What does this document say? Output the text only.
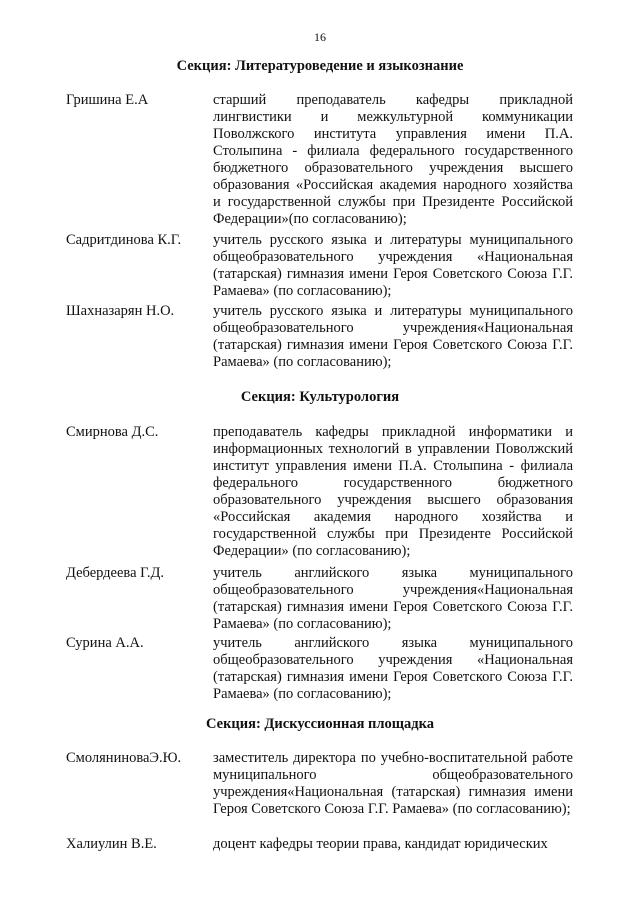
16
Секция: Литературоведение и языкознание
Гришина Е.А	старший преподаватель кафедры прикладной лингвистики и межкультурной коммуникации Поволжского института управления имени П.А. Столыпина - филиала федерального государственного бюджетного образовательного учреждения высшего образования «Российская академия народного хозяйства и государственной службы при Президенте Российской Федерации»(по согласованию);
Садритдинова К.Г. учитель русского языка и литературы муниципального общеобразовательного учреждения «Национальная (татарская) гимназия имени Героя Советского Союза Г.Г. Рамаева» (по согласованию);
Шахназарян Н.О.	учитель русского языка и литературы муниципального общеобразовательного учреждения«Национальная (татарская) гимназия имени Героя Советского Союза Г.Г. Рамаева» (по согласованию);
Секция: Культурология
Смирнова Д.С.	преподаватель кафедры прикладной информатики и информационных технологий в управлении Поволжский институт управления имени П.А. Столыпина - филиала федерального государственного бюджетного образовательного учреждения высшего образования «Российская академия народного хозяйства и государственной службы при Президенте Российской Федерации» (по согласованию);
Дебердеева Г.Д.	учитель английского языка муниципального общеобразовательного учреждения«Национальная (татарская) гимназия имени Героя Советского Союза Г.Г. Рамаева» (по согласованию);
Сурина А.А.	учитель английского языка муниципального общеобразовательного учреждения «Национальная (татарская) гимназия имени Героя Советского Союза Г.Г. Рамаева» (по согласованию);
Секция: Дискуссионная площадка
СмоляниноваЭ.Ю. заместитель директора по учебно-воспитательной работе муниципального общеобразовательного учреждения«Национальная (татарская) гимназия имени Героя Советского Союза Г.Г. Рамаева» (по согласованию);
Халиулин В.Е.	доцент кафедры теории права, кандидат юридических
